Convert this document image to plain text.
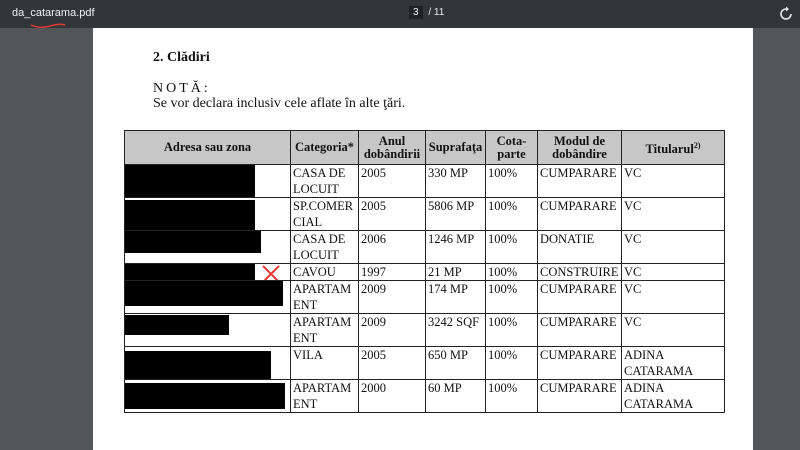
da_catarama.pdf	3 / 11
2. Clădiri
NOTĂ:
Se vor declara inclusiv cele aflate în alte ţări.
Adresa sau zona	Categoria*	Anul dobândirii	Suprafaţa	Cota-parte	Modul de dobândire	Titularul$^{2)}$

	CASA DE LOCUIT	2005	330 MP	100%	CUMPARARE	VC

	SP.COMER CIAL	2005	5806 MP	100%	CUMPARARE	VC

	CASA DE LOCUIT	2006	1246 MP	100%	DONATIE	VC

	CAVOU	1997	21 MP	100%	CONSTRUIRE	VC

	APARTAM ENT	2009	174 MP	100%	CUMPARARE	VC

	APARTAM ENT	2009	3242 SQF	100%	CUMPARARE	VC

	VILA	2005	650 MP	100%	CUMPARARE	ADINA CATARAMA

	APARTAM ENT	2000	60 MP	100%	CUMPARARE	ADINA CATARAMA
